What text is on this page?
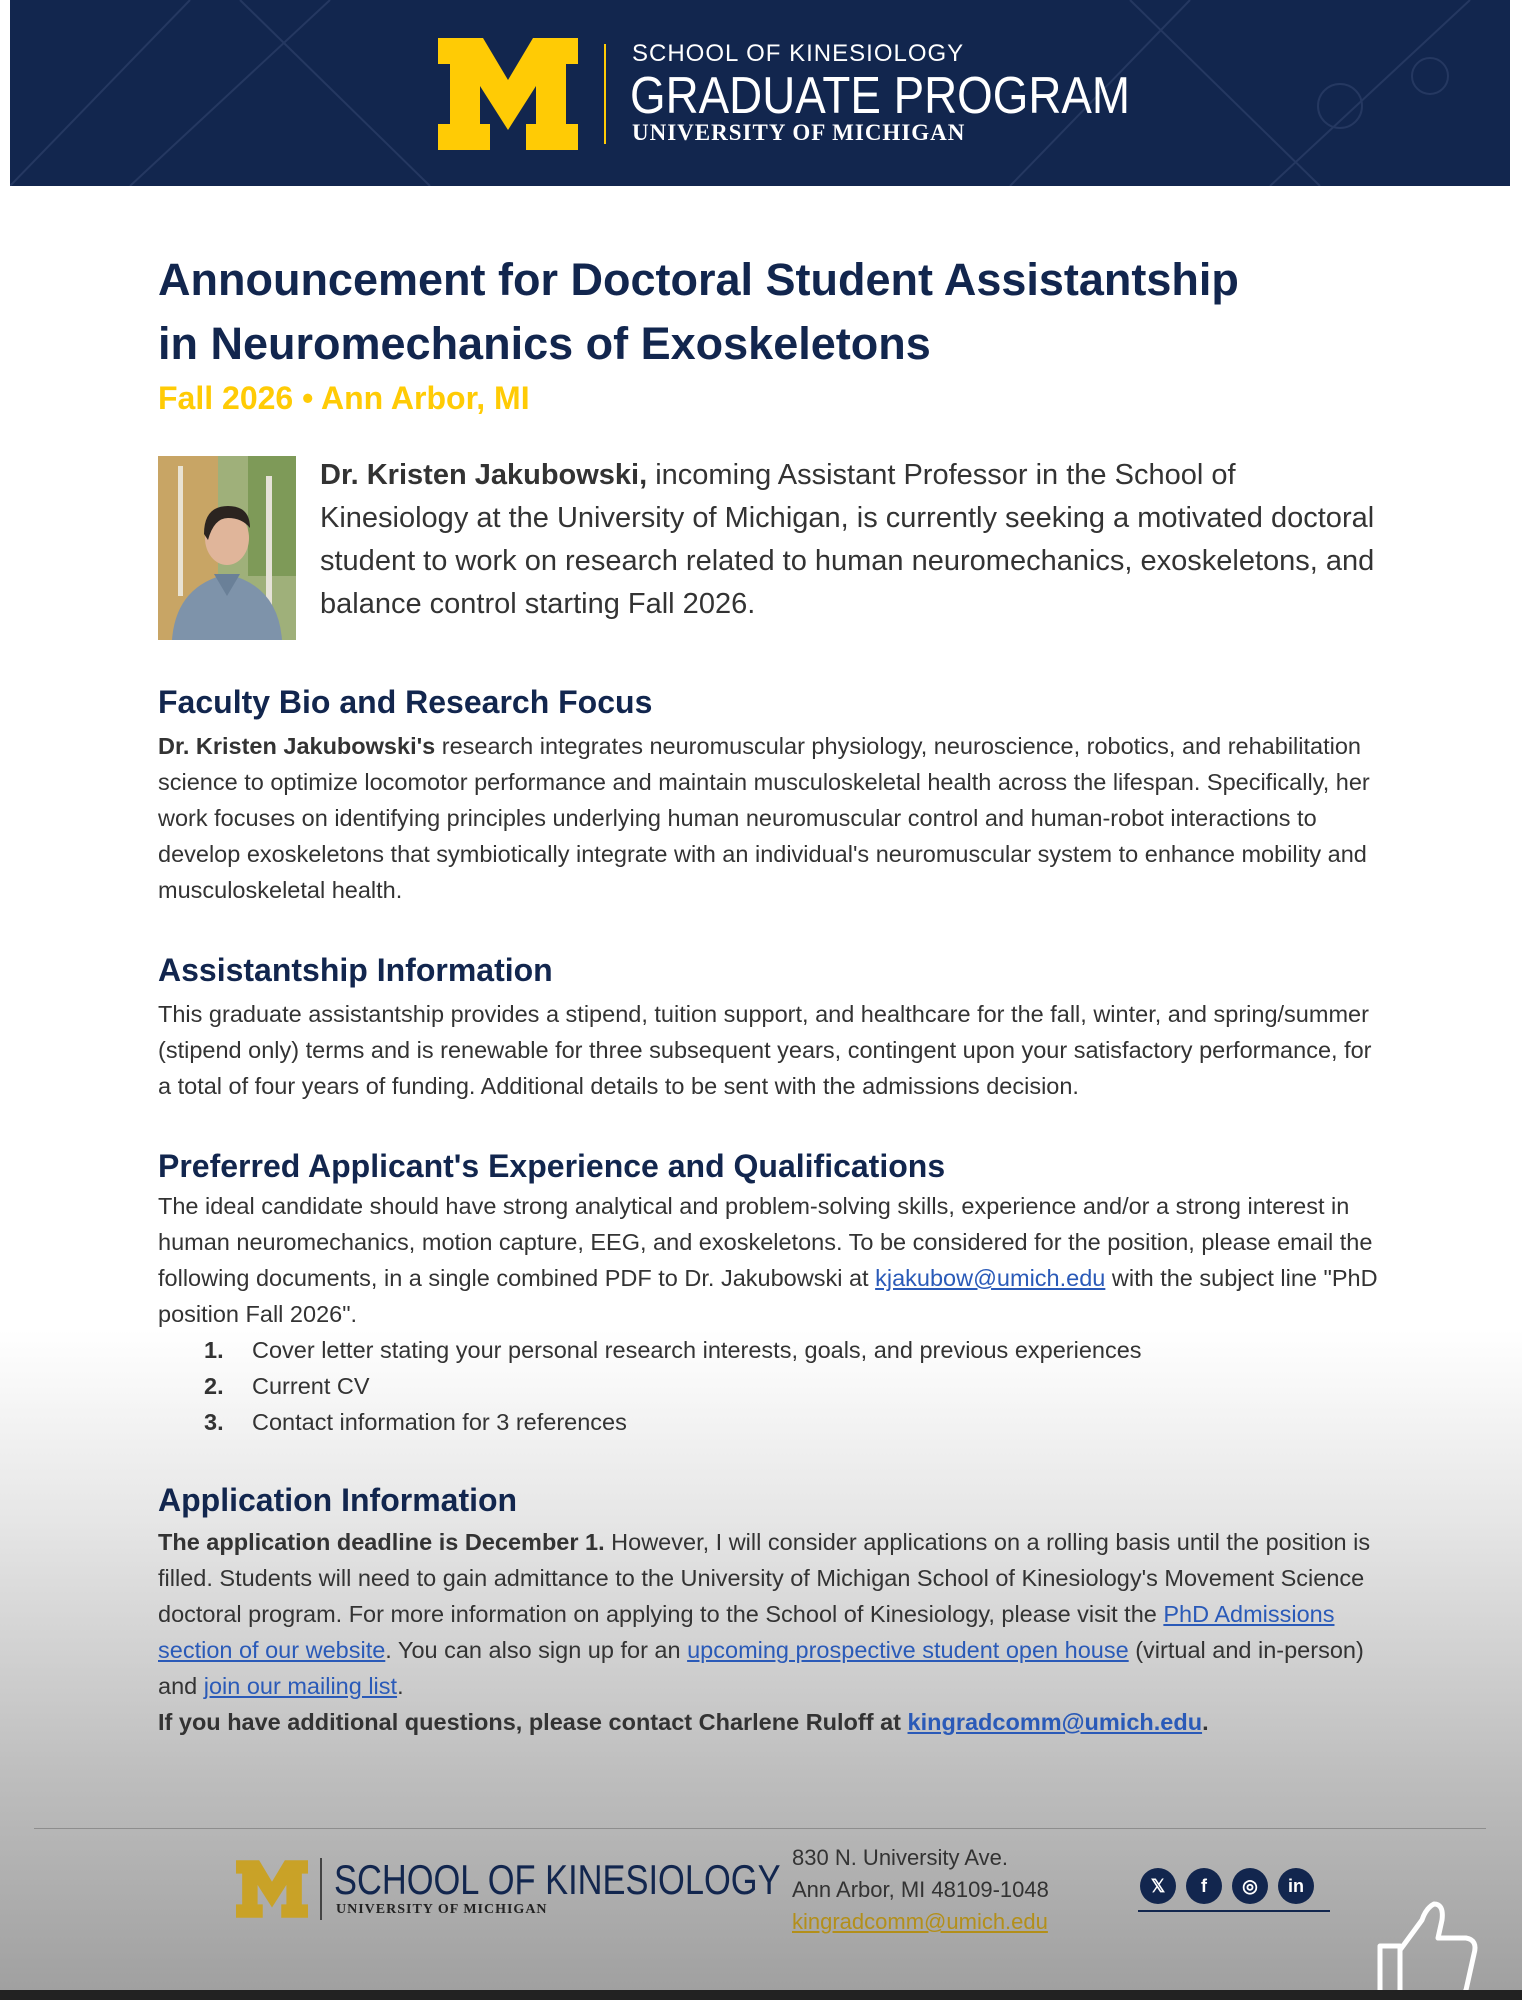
SCHOOL OF KINESIOLOGY
GRADUATE PROGRAM
UNIVERSITY OF MICHIGAN
Announcement for Doctoral Student Assistantship
in Neuromechanics of Exoskeletons
Fall 2026 • Ann Arbor, MI
Dr. Kristen Jakubowski, incoming Assistant Professor in the School of Kinesiology at the University of Michigan, is currently seeking a motivated doctoral student to work on research related to human neuromechanics, exoskeletons, and balance control starting Fall 2026.
Faculty Bio and Research Focus

Dr. Kristen Jakubowski's research integrates neuromuscular physiology, neuroscience, robotics, and rehabilitation science to optimize locomotor performance and maintain musculoskeletal health across the lifespan. Specifically, her work focuses on identifying principles underlying human neuromuscular control and human-robot interactions to develop exoskeletons that symbiotically integrate with an individual's neuromuscular system to enhance mobility and musculoskeletal health.

Assistantship Information

This graduate assistantship provides a stipend, tuition support, and healthcare for the fall, winter, and spring/summer (stipend only) terms and is renewable for three subsequent years, contingent upon your satisfactory performance, for a total of four years of funding. Additional details to be sent with the admissions decision.

Preferred Applicant's Experience and Qualifications

The ideal candidate should have strong analytical and problem-solving skills, experience and/or a strong interest in human neuromechanics, motion capture, EEG, and exoskeletons. To be considered for the position, please email the following documents, in a single combined PDF to Dr. Jakubowski at kjakubow@umich.edu with the subject line "PhD position Fall 2026".

1. Cover letter stating your personal research interests, goals, and previous experiences
2. Current CV
3. Contact information for 3 references
Application Information

The application deadline is December 1. However, I will consider applications on a rolling basis until the position is filled. Students will need to gain admittance to the University of Michigan School of Kinesiology's Movement Science doctoral program. For more information on applying to the School of Kinesiology, please visit the PhD Admissions section of our website. You can also sign up for an upcoming prospective student open house (virtual and in-person) and join our mailing list.

If you have additional questions, please contact Charlene Ruloff at kingradcomm@umich.edu.

SCHOOL OF KINESIOLOGY
UNIVERSITY OF MICHIGAN
830 N. University Ave.
Ann Arbor, MI 48109-1048
kingradcomm@umich.edu
𝕏	f	◎	in
